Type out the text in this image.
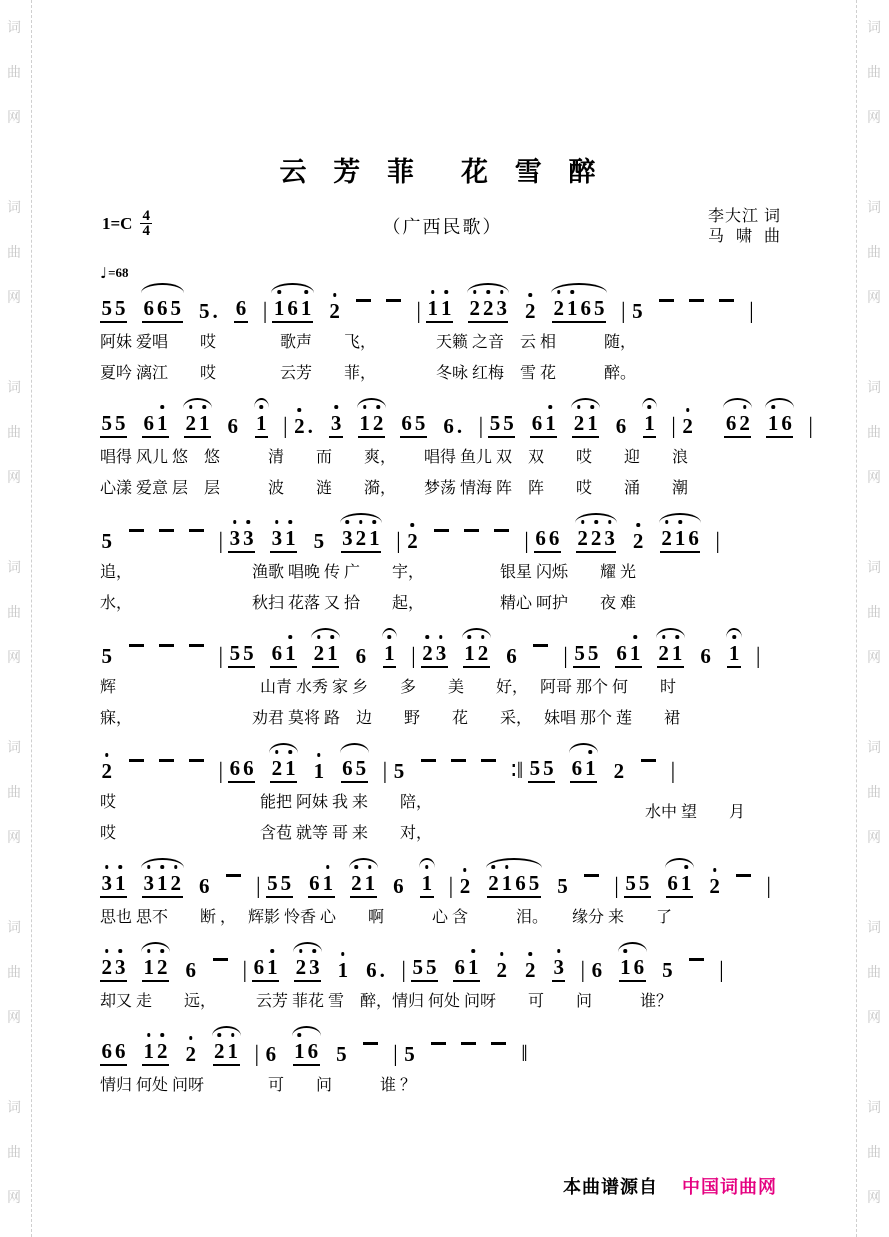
词
曲
网

词
曲
网

词
曲
网

词
曲
网

词
曲
网

词
曲
网

词
曲
网
词
曲
网

词
曲
网

词
曲
网

词
曲
网

词
曲
网

词
曲
网

词
曲
网
云 芳 菲　花 雪 醉
$1=C \frac{4}{4}$	（广西民歌）
李大江 词
马 啸 曲
♩ =68
5 5 6 6 5 5 . 6 | 1 6 1 2	| 1 1 2 2 3 2 2 1 6 5 | 5	|
阿妹 爱唱　　哎　　　　歌声　　飞，　　　　 天籁 之音　云 相　　　随，
夏吟 漓江　　哎　　　　云芳　　菲，　　　　 冬咏 红梅　雪 花　　　醉。
5 5 6 1 2 1 6 1 | 2 . 3 1 2 6 5 6 . | 5 5 6 1 2 1 6 1 | 2 6 2 1 6 |
唱得 风儿 悠　悠　　　清　　而　　爽，　　 唱得 鱼儿 双　双　　哎　　迎　　浪
心漾 爱意 层　层　　　波　　涟　　漪，　　 梦荡 情海 阵　阵　　哎　　涌　　潮
5	| 3 3 3 1 5 3 2 1 | 2	| 6 6 2 2 3 2 2 1 6 |
追，　　　　　　　　渔歌 唱晚 传 广　　宇，　　　　　 银星 闪烁　　耀 光
水，　　　　　　　　秋扫 花落 又 拾　　起，　　　　　 精心 呵护　　夜 难
5	| 5 5 6 1 2 1 6 1 | 2 3 1 2 6 | 5 5 6 1 2 1 6 1 |
辉　　　　　　　　　山青 水秀 家 乡　　多　　美　　好，　 阿哥 那个 何　　时
寐，　　　　　　　　劝君 莫将 路　边　　野　　花　　采，　 妹唱 那个 莲　　裙
2	| 6 6 2 1 1 6 5 | 5	∶‖ 5 5 6 1 2 |
哎　　　　　　　　　能把 阿妹 我 来　　陪，
哎　　　　　　　　　含苞 就等 哥 来　　对，
水中 望　　月
3 1 3 1 2 6 | 5 5 6 1 2 1 6 1 | 2 2 1 6 5 5 | 5 5 6 1 2 |
思也 思不　　断 ，　 辉影 怜香 心　　啊　　　心 含　　　泪。　　缘分 来　　了
2 3 1 2 6 | 6 1 2 3 1 6 . | 5 5 6 1 2 2 3 | 6 1 6 5 |
却又 走　　远，　　　云芳 菲花 雪　醉，情归 何处 问呀　　可　　问　　　谁？
6 6 1 2 2 2 1 | 6 1 6 5 | 5	‖
情归 何处 问呀　　　　可　　问　　　谁 ？
本曲谱源自 中国词曲网
